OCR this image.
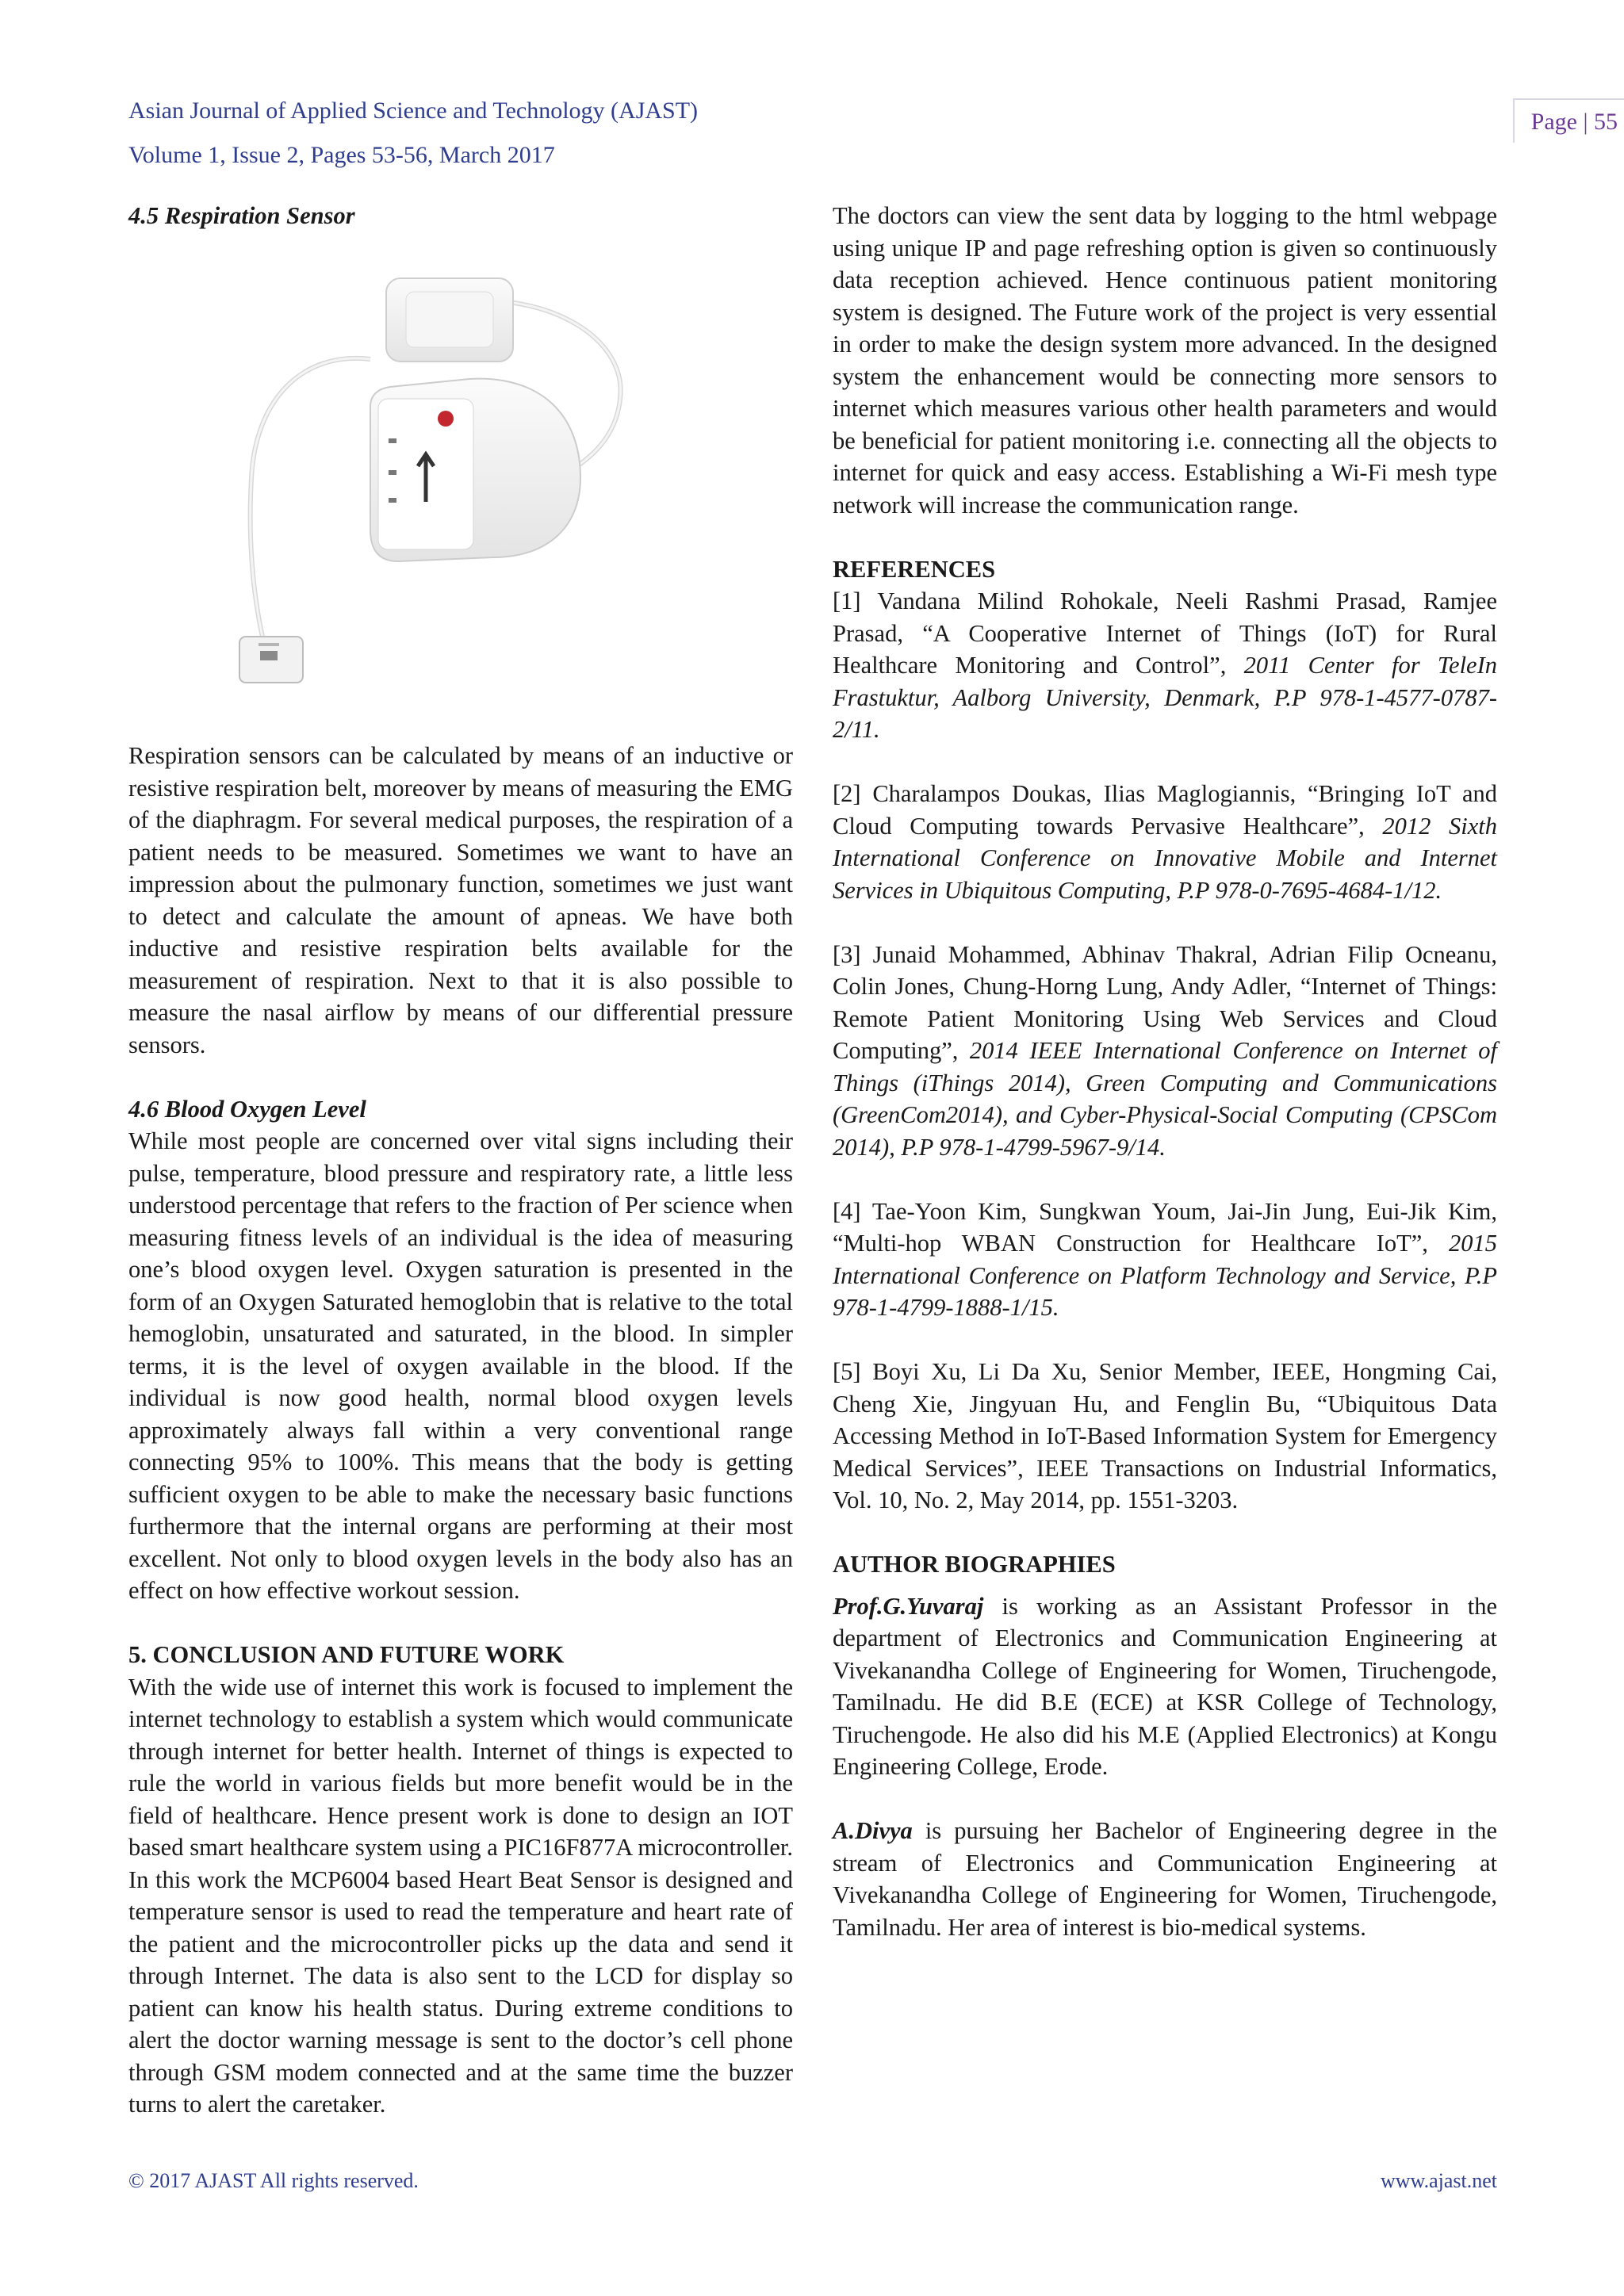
Asian Journal of Applied Science and Technology (AJAST)
Volume 1, Issue 2, Pages 53-56, March 2017
Page | 55

4.5 Respiration Sensor

Respiration sensors can be calculated by means of an inductive or resistive respiration belt, moreover by means of measuring the EMG of the diaphragm. For several medical purposes, the respiration of a patient needs to be measured. Sometimes we want to have an impression about the pulmonary function, sometimes we just want to detect and calculate the amount of apneas. We have both inductive and resistive respiration belts available for the measurement of respiration. Next to that it is also possible to measure the nasal airflow by means of our differential pressure sensors.

4.6 Blood Oxygen Level

While most people are concerned over vital signs including their pulse, temperature, blood pressure and respiratory rate, a little less understood percentage that refers to the fraction of Per science when measuring fitness levels of an individual is the idea of measuring one’s blood oxygen level. Oxygen saturation is presented in the form of an Oxygen Saturated hemoglobin that is relative to the total hemoglobin, unsaturated and saturated, in the blood. In simpler terms, it is the level of oxygen available in the blood. If the individual is now good health, normal blood oxygen levels approximately always fall within a very conventional range connecting 95% to 100%. This means that the body is getting sufficient oxygen to be able to make the necessary basic functions furthermore that the internal organs are performing at their most excellent. Not only to blood oxygen levels in the body also has an effect on how effective workout session.

5. CONCLUSION AND FUTURE WORK

With the wide use of internet this work is focused to implement the internet technology to establish a system which would communicate through internet for better health. Internet of things is expected to rule the world in various fields but more benefit would be in the field of healthcare. Hence present work is done to design an IOT based smart healthcare system using a PIC16F877A microcontroller. In this work the MCP6004 based Heart Beat Sensor is designed and temperature sensor is used to read the temperature and heart rate of the patient and the microcontroller picks up the data and send it through Internet. The data is also sent to the LCD for display so patient can know his health status. During extreme conditions to alert the doctor warning message is sent to the doctor’s cell phone through GSM modem connected and at the same time the buzzer turns to alert the caretaker.

The doctors can view the sent data by logging to the html webpage using unique IP and page refreshing option is given so continuously data reception achieved. Hence continuous patient monitoring system is designed. The Future work of the project is very essential in order to make the design system more advanced. In the designed system the enhancement would be connecting more sensors to internet which measures various other health parameters and would be beneficial for patient monitoring i.e. connecting all the objects to internet for quick and easy access. Establishing a Wi-Fi mesh type network will increase the communication range.

REFERENCES

[1] Vandana Milind Rohokale, Neeli Rashmi Prasad, Ramjee Prasad, “A Cooperative Internet of Things (IoT) for Rural Healthcare Monitoring and Control”, 2011 Center for TeleIn Frastuktur, Aalborg University, Denmark, P.P 978-1-4577-0787-2/11.

[2] Charalampos Doukas, Ilias Maglogiannis, “Bringing IoT and Cloud Computing towards Pervasive Healthcare”, 2012 Sixth International Conference on Innovative Mobile and Internet Services in Ubiquitous Computing, P.P 978-0-7695-4684-1/12.

[3] Junaid Mohammed, Abhinav Thakral, Adrian Filip Ocneanu, Colin Jones, Chung-Horng Lung, Andy Adler, “Internet of Things: Remote Patient Monitoring Using Web Services and Cloud Computing”, 2014 IEEE International Conference on Internet of Things (iThings 2014), Green Computing and Communications (GreenCom2014), and Cyber-Physical-Social Computing (CPSCom 2014), P.P 978-1-4799-5967-9/14.

[4] Tae-Yoon Kim, Sungkwan Youm, Jai-Jin Jung, Eui-Jik Kim, “Multi-hop WBAN Construction for Healthcare IoT”, 2015 International Conference on Platform Technology and Service, P.P 978-1-4799-1888-1/15.

[5] Boyi Xu, Li Da Xu, Senior Member, IEEE, Hongming Cai, Cheng Xie, Jingyuan Hu, and Fenglin Bu, “Ubiquitous Data Accessing Method in IoT-Based Information System for Emergency Medical Services”, IEEE Transactions on Industrial Informatics, Vol. 10, No. 2, May 2014, pp. 1551-3203.

AUTHOR BIOGRAPHIES

Prof.G.Yuvaraj is working as an Assistant Professor in the department of Electronics and Communication Engineering at Vivekanandha College of Engineering for Women, Tiruchengode, Tamilnadu. He did B.E (ECE) at KSR College of Technology, Tiruchengode. He also did his M.E (Applied Electronics) at Kongu Engineering College, Erode.

A.Divya is pursuing her Bachelor of Engineering degree in the stream of Electronics and Communication Engineering at Vivekanandha College of Engineering for Women, Tiruchengode, Tamilnadu. Her area of interest is bio-medical systems.

© 2017 AJAST All rights reserved.	www.ajast.net
